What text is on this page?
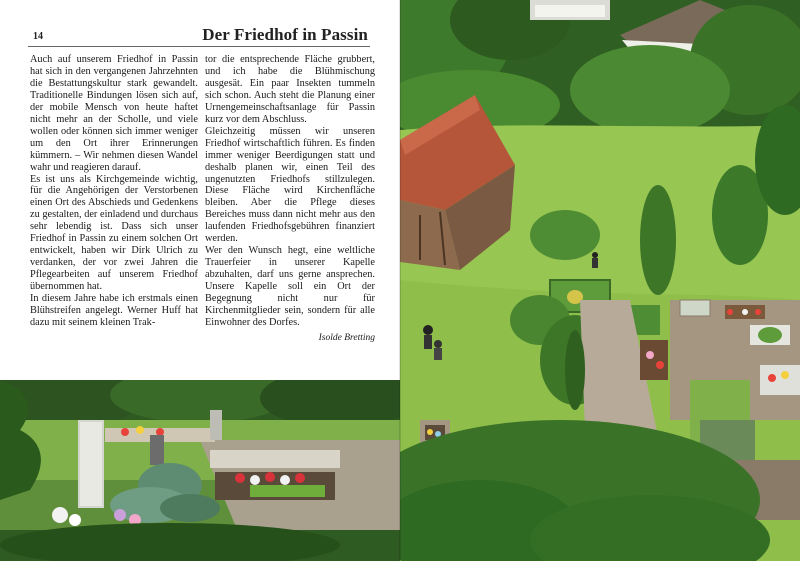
14	Der Friedhof in Passin

Auch auf unserem Friedhof in Passin hat sich in den vergangenen Jahrzehnten die Bestattungskultur stark gewandelt. Traditionelle Bindungen lösen sich auf, der mobile Mensch von heute haftet nicht mehr an der Scholle, und viele wollen oder können sich immer weniger um den Ort ihrer Erinnerungen kümmern. – Wir nehmen diesen Wandel wahr und reagieren darauf.

Es ist uns als Kirchgemeinde wichtig, für die Angehörigen der Verstorbenen einen Ort des Abschieds und Gedenkens zu gestalten, der einladend und durchaus sehr lebendig ist. Dass sich unser Friedhof in Passin zu einem solchen Ort entwickelt, haben wir Dirk Ulrich zu verdanken, der vor zwei Jahren die Pflegearbeiten auf unserem Friedhof übernommen hat.

In diesem Jahre habe ich erstmals einen Blühstreifen angelegt. Werner Huff hat dazu mit seinem kleinen Trak-

tor die entsprechende Fläche grubbert, und ich habe die Blühmischung ausgesät. Ein paar Insekten tummeln sich schon. Auch steht die Planung einer Urnengemeinschaftsanlage für Passin kurz vor dem Abschluss.

Gleichzeitig müssen wir unseren Friedhof wirtschaftlich führen. Es finden immer weniger Beerdigungen statt und deshalb planen wir, einen Teil des ungenutzten Friedhofs stillzulegen. Diese Fläche wird Kirchenfläche bleiben. Aber die Pflege dieses Bereiches muss dann nicht mehr aus den laufenden Friedhofsgebühren finanziert werden.

Wer den Wunsch hegt, eine weltliche Trauerfeier in unserer Kapelle abzuhalten, darf uns gerne ansprechen. Unsere Kapelle soll ein Ort der Begegnung nicht nur für Kirchenmitglieder sein, sondern für alle Einwohner des Dorfes.

Isolde Bretting
